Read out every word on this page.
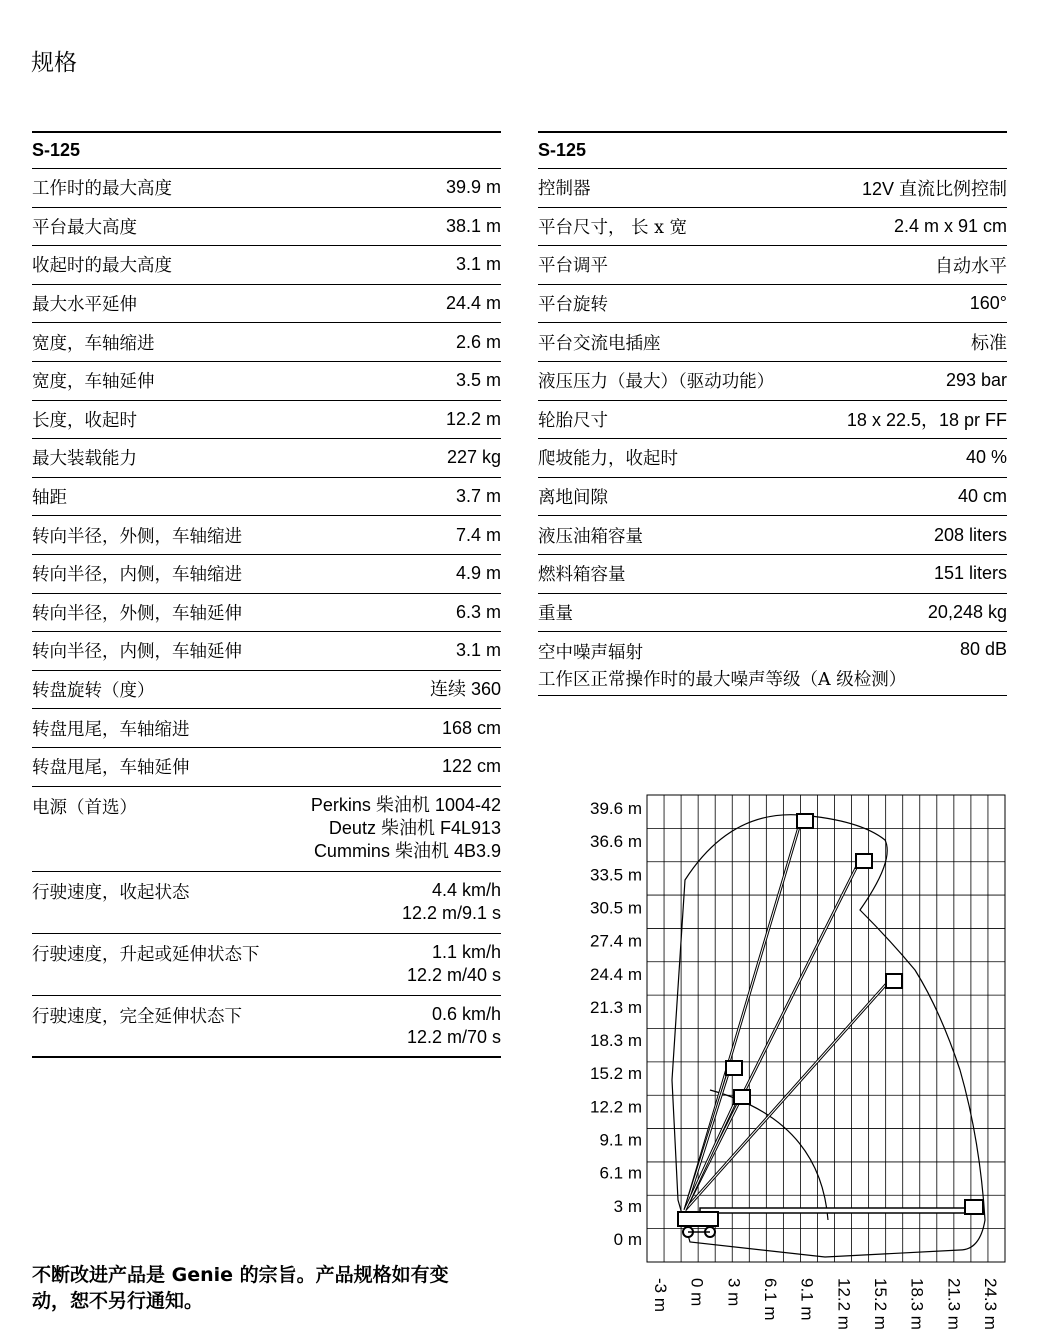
规格
S-125
工作时的最大高度	39.9 m
平台最大高度	38.1 m
收起时的最大高度	3.1 m
最大水平延伸	24.4 m
宽度，车轴缩进	2.6 m
宽度，车轴延伸	3.5 m
长度，收起时	12.2 m
最大装载能力	227 kg
轴距	3.7 m
转向半径，外侧，车轴缩进	7.4 m
转向半径，内侧，车轴缩进	4.9 m
转向半径，外侧，车轴延伸	6.3 m
转向半径，内侧，车轴延伸	3.1 m
转盘旋转（度）	连续 360
转盘甩尾，车轴缩进	168 cm
转盘甩尾，车轴延伸	122 cm
电源（首选）	Perkins 柴油机 1004-42
Deutz 柴油机 F4L913
Cummins 柴油机 4B3.9
行驶速度，收起状态	4.4 km/h
12.2 m/9.1 s
行驶速度，升起或延伸状态下	1.1 km/h
12.2 m/40 s
行驶速度，完全延伸状态下	0.6 km/h
12.2 m/70 s
S-125
控制器	12V 直流比例控制
平台尺寸， 长 x 宽	2.4 m x 91 cm
平台调平	自动水平
平台旋转	160°
平台交流电插座	标准
液压压力（最大）（驱动功能）	293 bar
轮胎尺寸	18 x 22.5，18 pr FF
爬坡能力，收起时	40 %
离地间隙	40 cm
液压油箱容量	208 liters
燃料箱容量	151 liters
重量	20,248 kg
空中噪声辐射	80 dB
工作区正常操作时的最大噪声等级（A 级检测）
不断改进产品是 Genie 的宗旨。产品规格如有变
动，恕不另行通知。
39.6 m
36.6 m
33.5 m
30.5 m
27.4 m
24.4 m
21.3 m
18.3 m
15.2 m
12.2 m
9.1 m
6.1 m
3 m
0 m
-3 m 0 m 3 m 6.1 m 9.1 m 12.2 m 15.2 m 18.3 m 21.3 m 24.3 m
